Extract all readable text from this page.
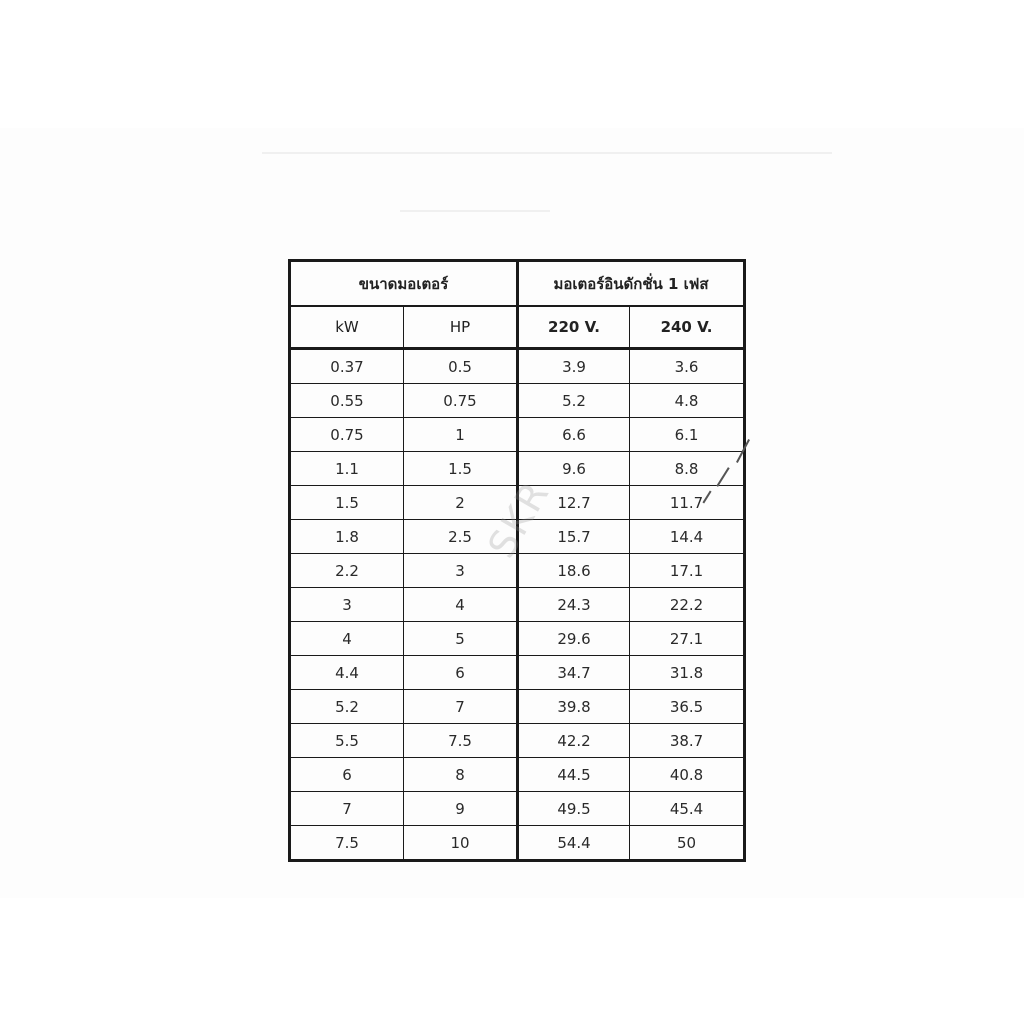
ขนาดมอเตอร์		มอเตอร์อินดักชั่น 1 เฟส	
kW	HP	220 V.	240 V.
0.37	0.5	3.9	3.6
0.55	0.75	5.2	4.8
0.75	1	6.6	6.1
1.1	1.5	9.6	8.8
1.5	2	12.7	11.7
1.8	2.5	15.7	14.4
2.2	3	18.6	17.1
3	4	24.3	22.2
4	5	29.6	27.1
4.4	6	34.7	31.8
5.2	7	39.8	36.5
5.5	7.5	42.2	38.7
6	8	44.5	40.8
7	9	49.5	45.4
7.5	10	54.4	50
SKR
